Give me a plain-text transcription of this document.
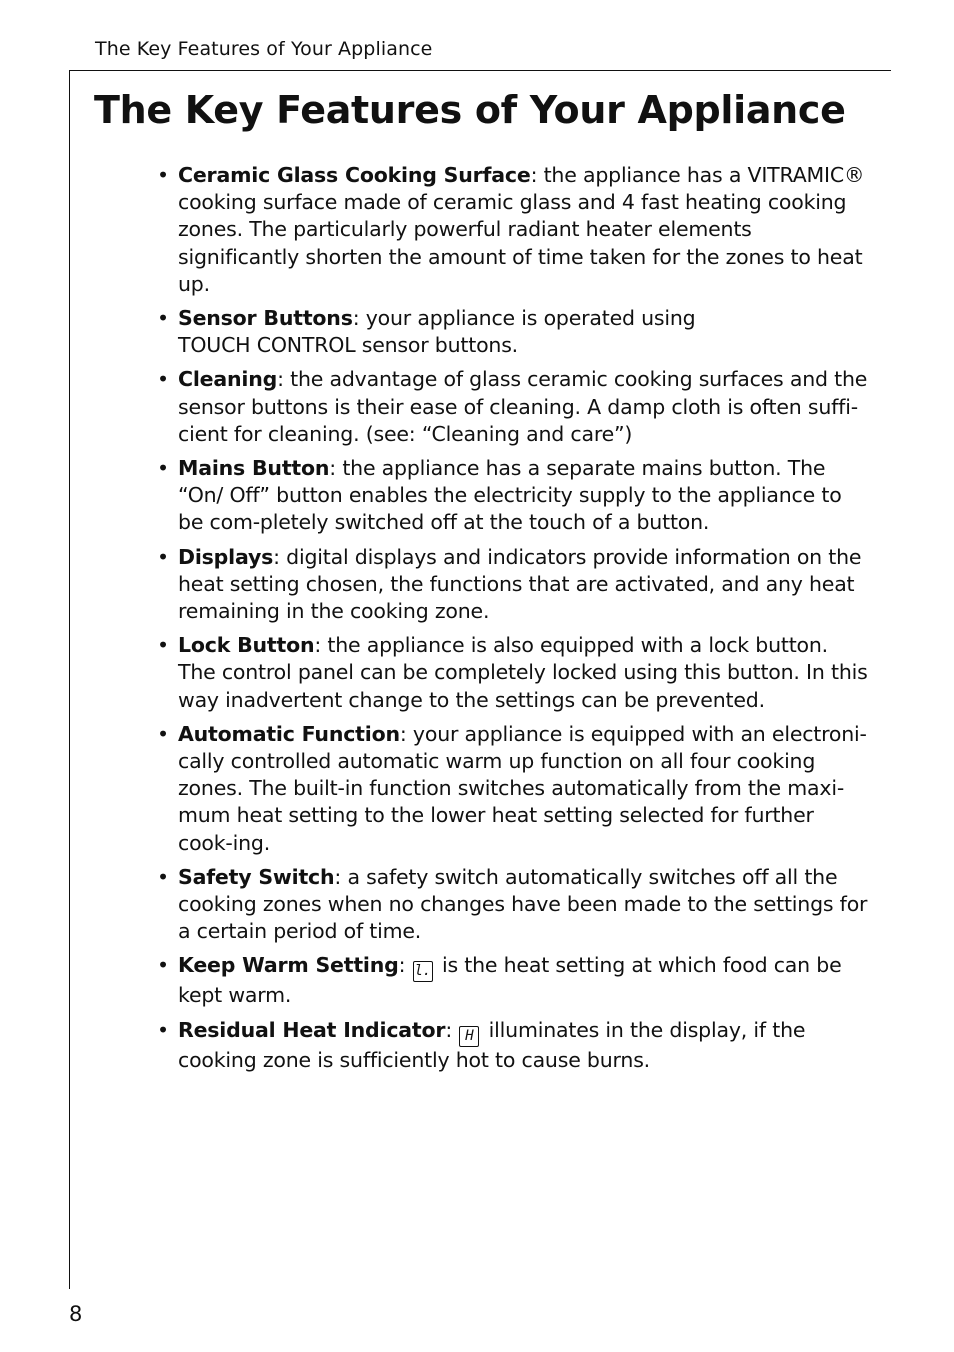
The Key Features of Your Appliance
The Key Features of Your Appliance
• Ceramic Glass Cooking Surface: the appliance has a VITRAMIC®
cooking surface made of ceramic glass and 4 fast heating cooking zones. The particularly powerful radiant heater elements significantly shorten the amount of time taken for the zones to heat up.
• Sensor Buttons: your appliance is operated using
TOUCH CONTROL sensor buttons.
• Cleaning: the advantage of glass ceramic cooking surfaces and the sensor buttons is their ease of cleaning. A damp cloth is often suffi-cient for cleaning. (see: “Cleaning and care”)
• Mains Button: the appliance has a separate mains button. The “On/ Off” button enables the electricity supply to the appliance to be com-pletely switched off at the touch of a button.
• Displays: digital displays and indicators provide information on the heat setting chosen, the functions that are activated, and any heat remaining in the cooking zone.
• Lock Button: the appliance is also equipped with a lock button. The control panel can be completely locked using this button. In this way inadvertent change to the settings can be prevented.
• Automatic Function: your appliance is equipped with an electroni-cally controlled automatic warm up function on all four cooking zones. The built-in function switches automatically from the maxi-mum heat setting to the lower heat setting selected for further cook-ing.
• Safety Switch: a safety switch automatically switches off all the cooking zones when no changes have been made to the settings for a certain period of time.
• Keep Warm Setting: l. is the heat setting at which food can be kept warm.
• Residual Heat Indicator: H illuminates in the display, if the cooking zone is sufficiently hot to cause burns.
8
